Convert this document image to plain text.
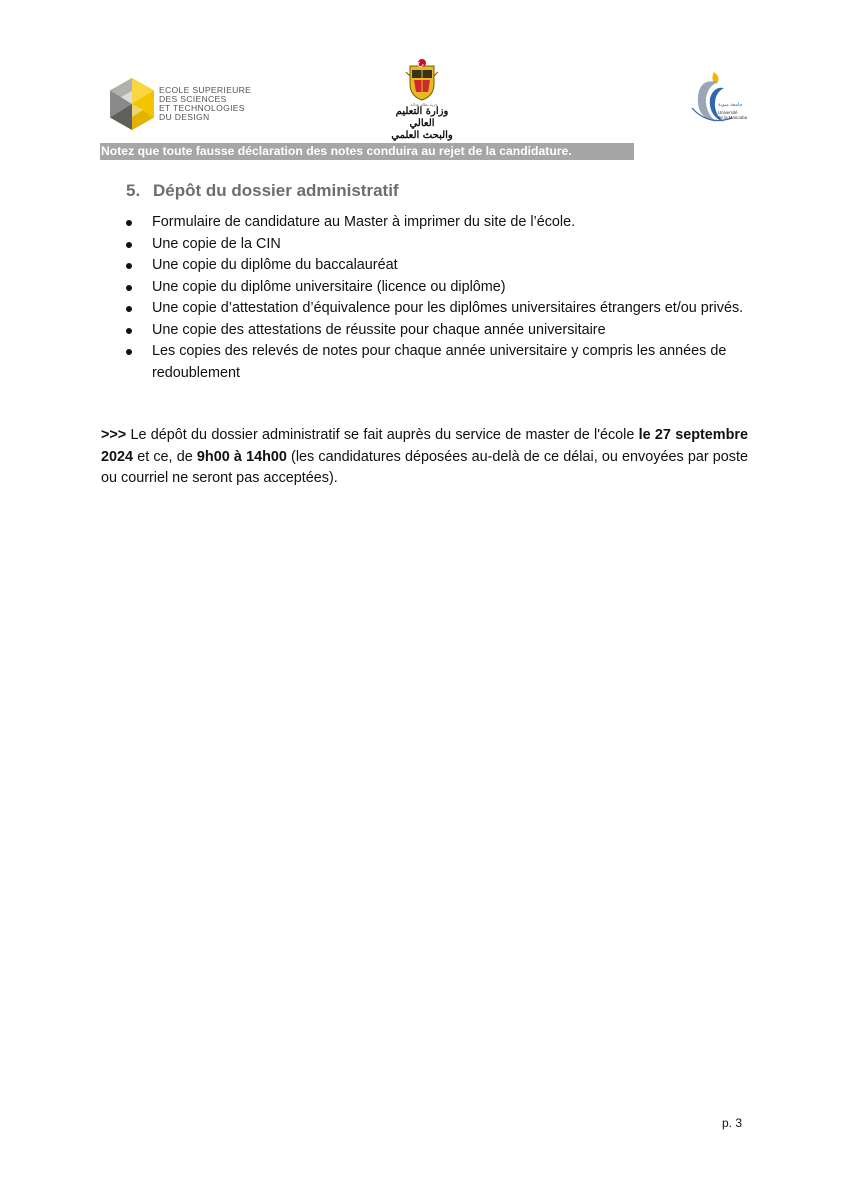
ECOLE SUPERIEURE
DES SCIENCES
ET TECHNOLOGIES
DU DESIGN
حرية نظام عدالة
وزارة التعليم العالي
والبحث العلمي
جامعة منوبة
Université
de la Manouba
Notez que toute fausse déclaration des notes conduira au rejet de la candidature.
5. Dépôt du dossier administratif
Formulaire de candidature au Master à imprimer du site de l’école.
Une copie de la CIN
Une copie du diplôme du baccalauréat
Une copie du diplôme universitaire (licence ou diplôme)
Une copie d’attestation d’équivalence pour les diplômes universitaires étrangers et/ou privés.
Une copie des attestations de réussite pour chaque année universitaire
Les copies des relevés de notes pour chaque année universitaire y compris les années de redoublement
>>> Le dépôt du dossier administratif se fait auprès du service de master de l'école le 27 septembre 2024 et ce, de 9h00 à 14h00 (les candidatures déposées au-delà de ce délai, ou envoyées par poste ou courriel ne seront pas acceptées).
p. 3
